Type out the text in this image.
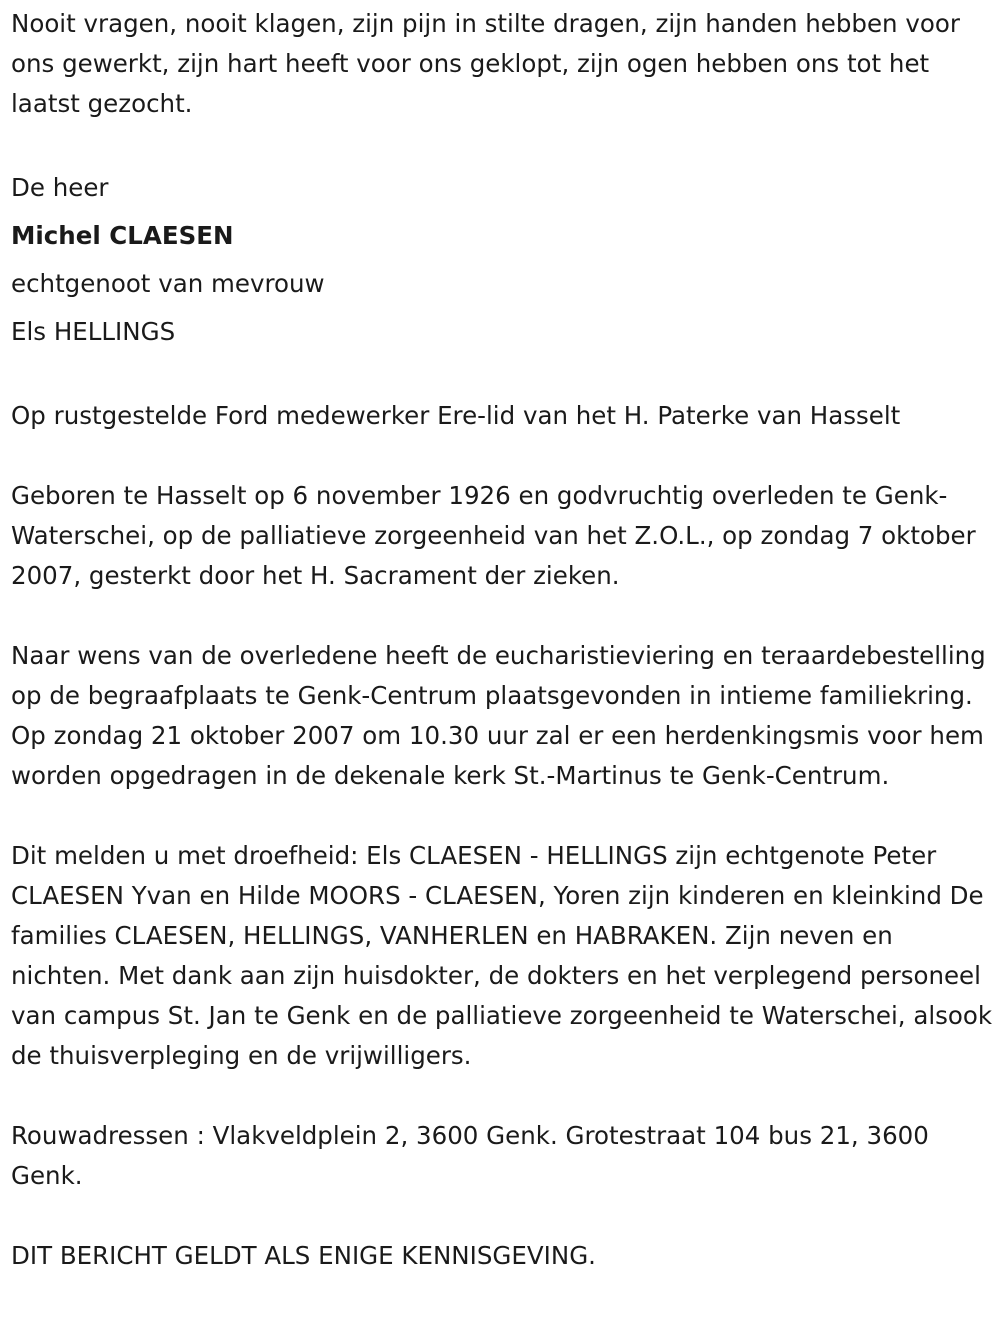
Nooit vragen, nooit klagen, zijn pijn in stilte dragen, zijn handen hebben voor ons gewerkt, zijn hart heeft voor ons geklopt, zijn ogen hebben ons tot het laatst gezocht.

De heer

Michel CLAESEN

echtgenoot van mevrouw

Els HELLINGS

Op rustgestelde Ford medewerker Ere-lid van het H. Paterke van Hasselt

Geboren te Hasselt op 6 november 1926 en godvruchtig overleden te Genk-Waterschei, op de palliatieve zorgeenheid van het Z.O.L., op zondag 7 oktober 2007, gesterkt door het H. Sacrament der zieken.

Naar wens van de overledene heeft de eucharistieviering en teraardebestelling op de begraafplaats te Genk-Centrum plaatsgevonden in intieme familiekring. Op zondag 21 oktober 2007 om 10.30 uur zal er een herdenkingsmis voor hem worden opgedragen in de dekenale kerk St.-Martinus te Genk-Centrum.

Dit melden u met droefheid: Els CLAESEN - HELLINGS zijn echtgenote Peter CLAESEN Yvan en Hilde MOORS - CLAESEN, Yoren zijn kinderen en kleinkind De families CLAESEN, HELLINGS, VANHERLEN en HABRAKEN. Zijn neven en nichten. Met dank aan zijn huisdokter, de dokters en het verplegend personeel van campus St. Jan te Genk en de palliatieve zorgeenheid te Waterschei, alsook de thuisverpleging en de vrijwilligers.

Rouwadressen : Vlakveldplein 2, 3600 Genk. Grotestraat 104 bus 21, 3600 Genk.

DIT BERICHT GELDT ALS ENIGE KENNISGEVING.
